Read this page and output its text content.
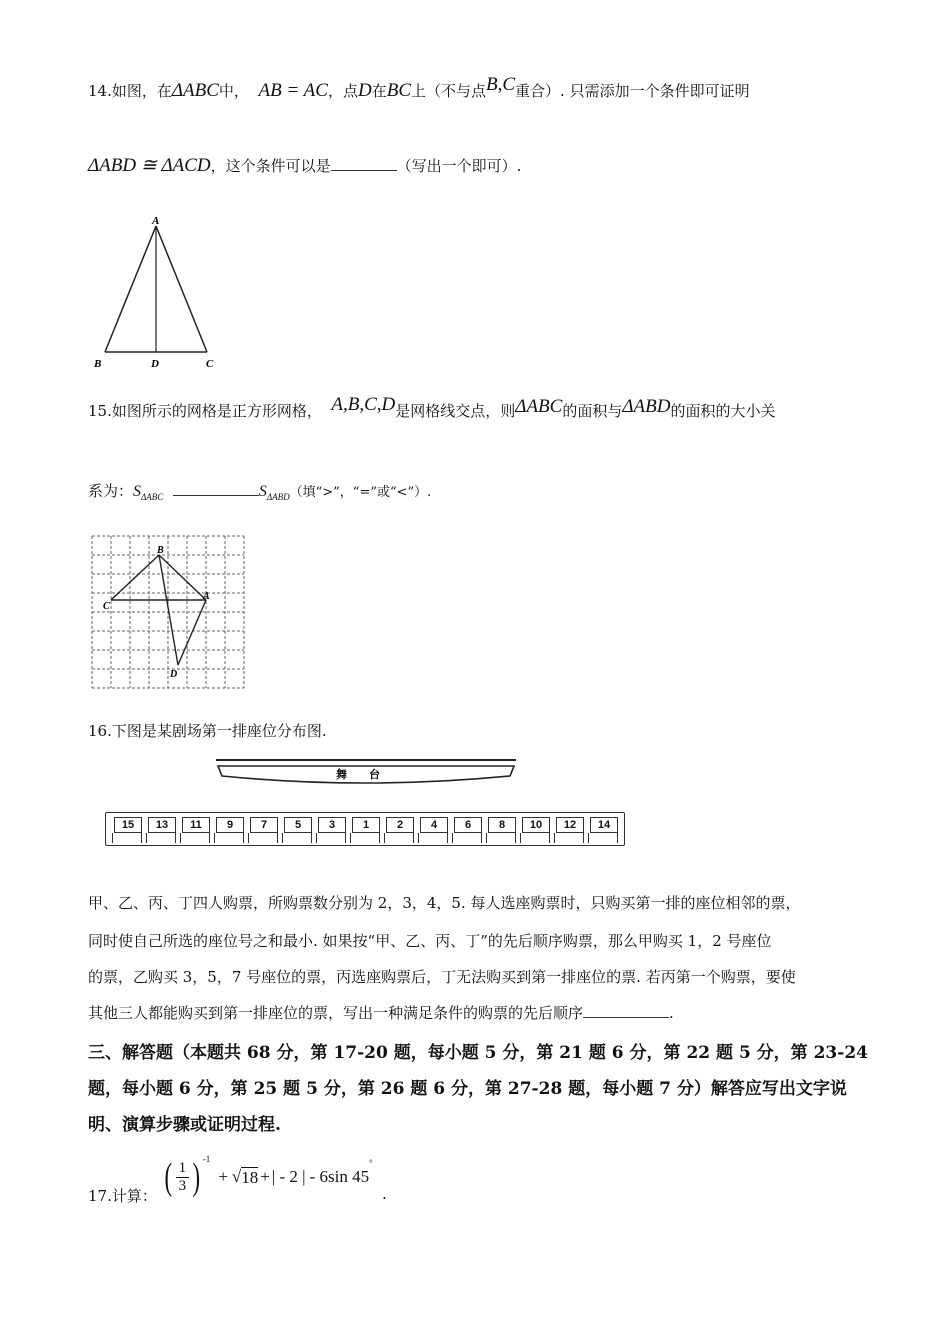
14.如图，在ΔABC中， AB = AC，点D在BC上（不与点B,C重合）. 只需添加一个条件即可证明
ΔABD ≅ ΔACD，这个条件可以是	（写出一个即可）.
A
B	D	C
15.如图所示的网格是正方形网格， A,B,C,D是网格线交点，则ΔABC的面积与ΔABD的面积的大小关
系为：$S_{\Delta ABC}$	$S_{\Delta ABD}$（填“>”，“=”或“<”）.
B
C
A
D
16.下图是某剧场第一排座位分布图.
舞　　台
15	13	11	9	7	5	3	1	2	4	6	8	10	12	14
甲、乙、丙、丁四人购票，所购票数分别为 2，3，4，5. 每人选座购票时，只购买第一排的座位相邻的票，
同时使自己所选的座位号之和最小. 如果按“甲、乙、丙、丁”的先后顺序购票，那么甲购买 1，2 号座位
的票，乙购买 3，5，7 号座位的票，丙选座购票后，丁无法购买到第一排座位的票. 若丙第一个购票，要使
其他三人都能购买到第一排座位的票，写出一种满足条件的购票的先后顺序	.
三、解答题（本题共 68 分，第 17-20 题，每小题 5 分，第 21 题 6 分，第 22 题 5 分，第 23-24
题，每小题 6 分，第 25 题 5 分，第 26 题 6 分，第 27-28 题，每小题 7 分）解答应写出文字说
明、演算步骤或证明过程.
17.计算： ( $\frac{1}{3}$ ) $^{-1}$
+ √ 18 + | - 2 | - 6sin 45
°
.
